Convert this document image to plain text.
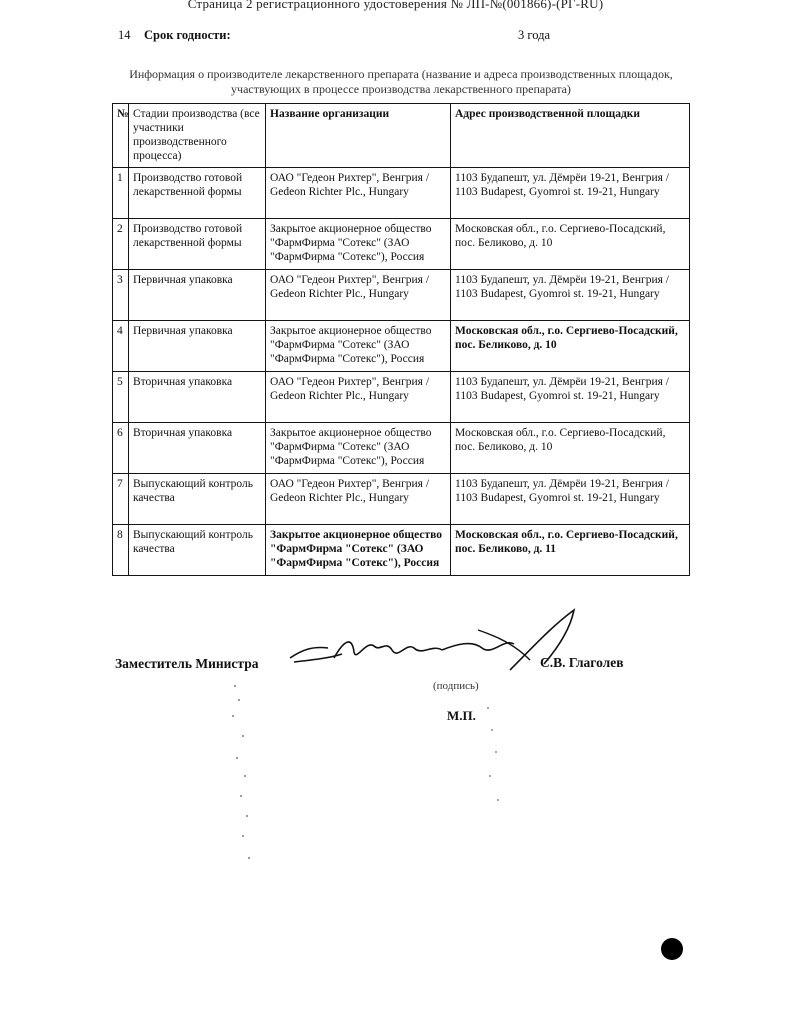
Страница 2 регистрационного удостоверения № ЛП-№(001866)-(РГ-RU)
14 Срок годности:	3 года
Информация о производителе лекарственного препарата (название и адреса производственных площадок, участвующих в процессе производства лекарственного препарата)
№	Стадии производства (все участники производственного процесса)	Название организации	Адрес производственной площадки
1	Производство готовой лекарственной формы	ОАО "Гедеон Рихтер", Венгрия / Gedeon Richter Plc., Hungary	1103 Будапешт, ул. Дёмрёи 19-21, Венгрия / 1103 Budapest, Gyomroi st. 19-21, Hungary
2	Производство готовой лекарственной формы	Закрытое акционерное общество "ФармФирма "Сотекс" (ЗАО "ФармФирма "Сотекс"), Россия	Московская обл., г.о. Сергиево-Посадский, пос. Беликово, д. 10
3	Первичная упаковка	ОАО "Гедеон Рихтер", Венгрия / Gedeon Richter Plc., Hungary	1103 Будапешт, ул. Дёмрёи 19-21, Венгрия / 1103 Budapest, Gyomroi st. 19-21, Hungary
4	Первичная упаковка	Закрытое акционерное общество "ФармФирма "Сотекс" (ЗАО "ФармФирма "Сотекс"), Россия	Московская обл., г.о. Сергиево-Посадский, пос. Беликово, д. 10
5	Вторичная упаковка	ОАО "Гедеон Рихтер", Венгрия / Gedeon Richter Plc., Hungary	1103 Будапешт, ул. Дёмрёи 19-21, Венгрия / 1103 Budapest, Gyomroi st. 19-21, Hungary
6	Вторичная упаковка	Закрытое акционерное общество "ФармФирма "Сотекс" (ЗАО "ФармФирма "Сотекс"), Россия	Московская обл., г.о. Сергиево-Посадский, пос. Беликово, д. 10
7	Выпускающий контроль качества	ОАО "Гедеон Рихтер", Венгрия / Gedeon Richter Plc., Hungary	1103 Будапешт, ул. Дёмрёи 19-21, Венгрия / 1103 Budapest, Gyomroi st. 19-21, Hungary
8	Выпускающий контроль качества	Закрытое акционерное общество "ФармФирма "Сотекс" (ЗАО "ФармФирма "Сотекс"), Россия	Московская обл., г.о. Сергиево-Посадский, пос. Беликово, д. 11
Заместитель Министра	С.В. Глаголев
(подпись)
М.П.
